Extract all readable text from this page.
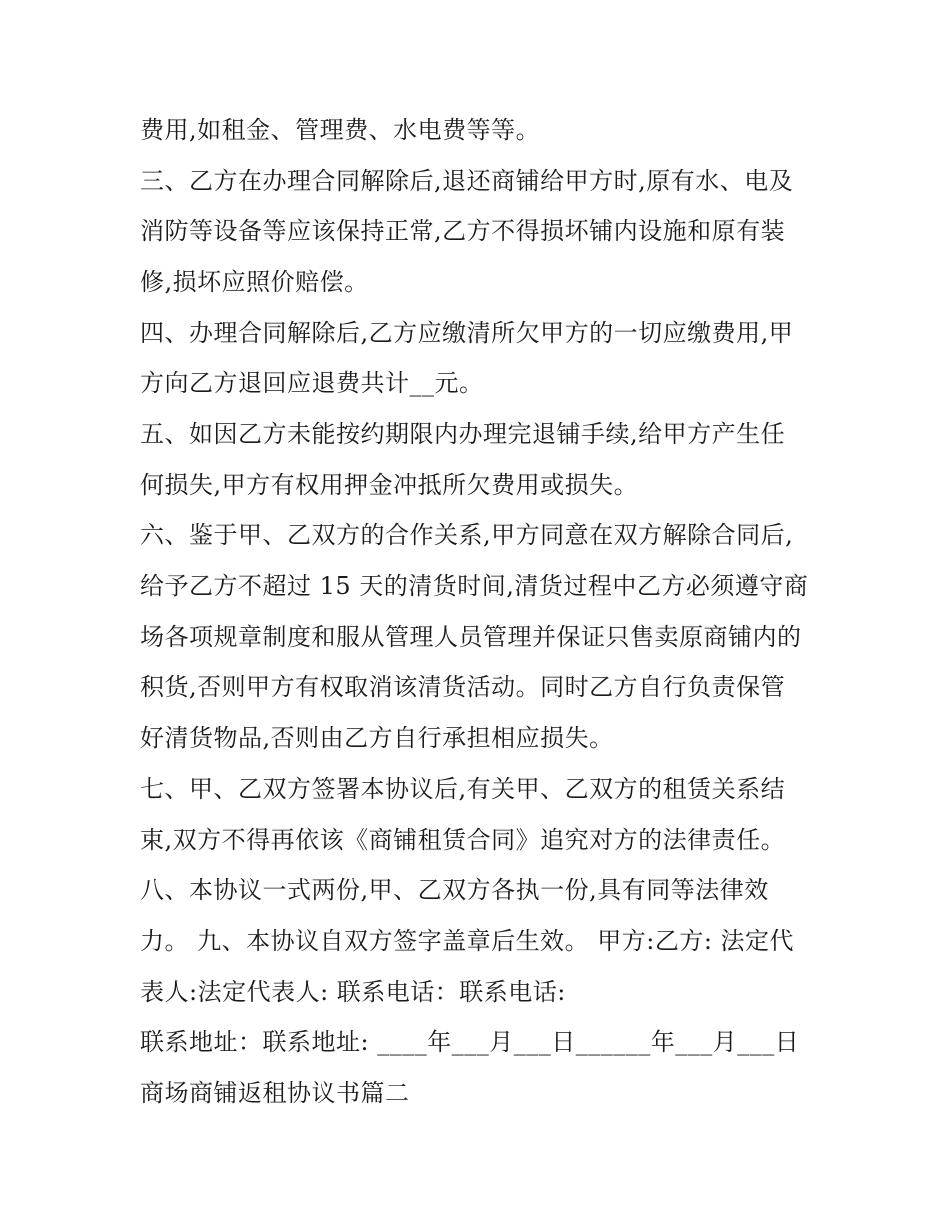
费用,如租金、管理费、水电费等等。
三、乙方在办理合同解除后,退还商铺给甲方时,原有水、电及
消防等设备等应该保持正常,乙方不得损坏铺内设施和原有装
修,损坏应照价赔偿。
四、办理合同解除后,乙方应缴清所欠甲方的一切应缴费用,甲
方向乙方退回应退费共计__元。
五、如因乙方未能按约期限内办理完退铺手续,给甲方产生任
何损失,甲方有权用押金冲抵所欠费用或损失。
六、鉴于甲、乙双方的合作关系,甲方同意在双方解除合同后,
给予乙方不超过 15 天的清货时间,清货过程中乙方必须遵守商
场各项规章制度和服从管理人员管理并保证只售卖原商铺内的
积货,否则甲方有权取消该清货活动。同时乙方自行负责保管
好清货物品,否则由乙方自行承担相应损失。
七、甲、乙双方签署本协议后,有关甲、乙双方的租赁关系结
束,双方不得再依该《商铺租赁合同》追究对方的法律责任。
八、本协议一式两份,甲、乙双方各执一份,具有同等法律效
力。 九、本协议自双方签字盖章后生效。 甲方:乙方: 法定代
表人:法定代表人: 联系电话：联系电话:
联系地址：联系地址: ____年___月___日______年___月___日
商场商铺返租协议书篇二
